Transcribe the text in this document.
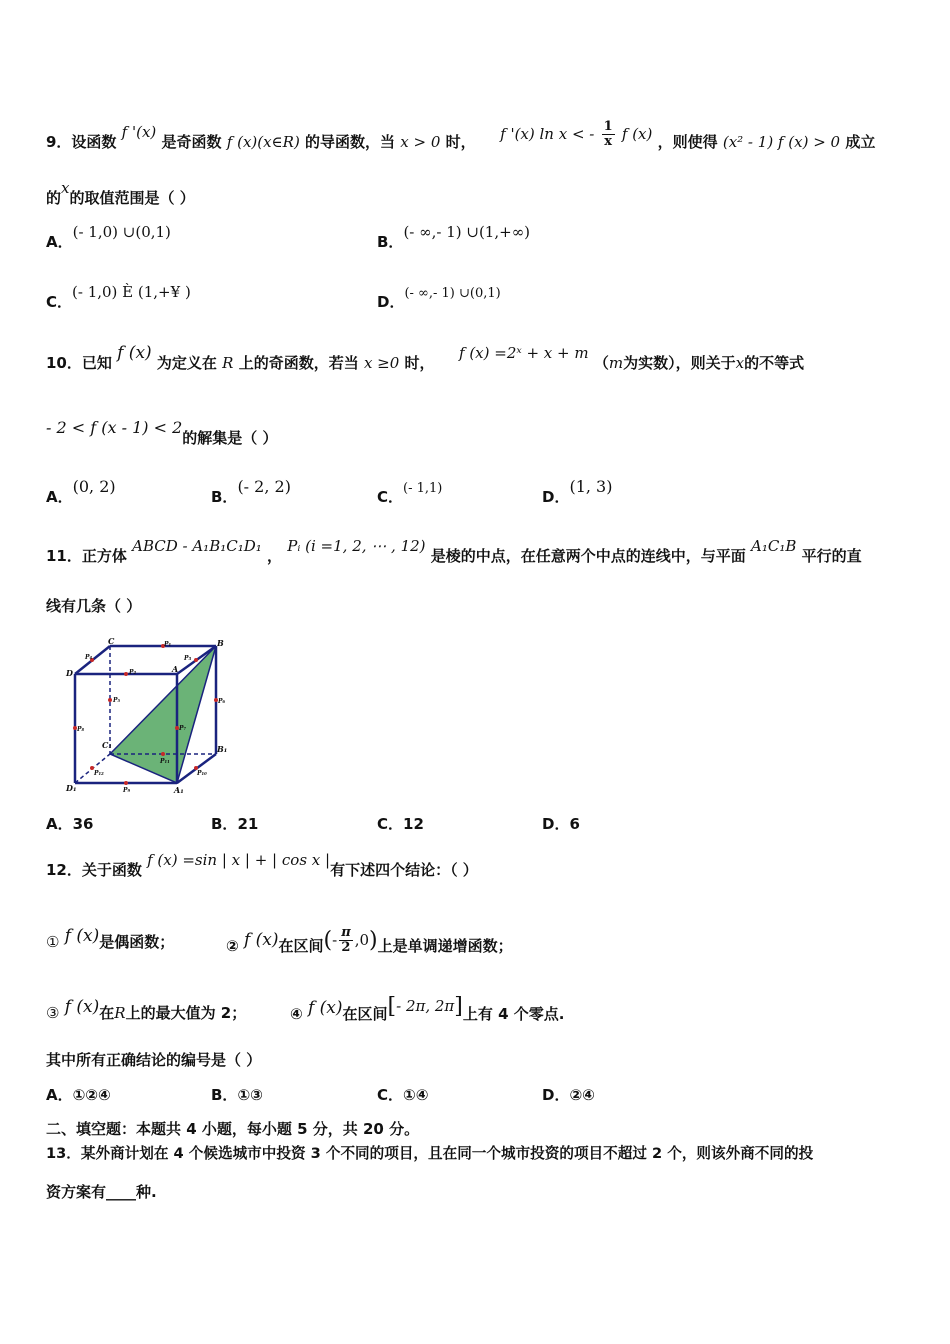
9．设函数 f '(x) 是奇函数 f (x)(x∈R) 的导函数，当 x > 0 时， f '(x) ln x < - $\frac{1}{x}$ f (x) ，则使得 (x² - 1) f (x) > 0 成立
的x的取值范围是（ ）
A．(- 1,0) ∪(0,1)
B．(- ∞,- 1) ∪(1,+∞)
C．(- 1,0) È (1,+¥ )
D．(- ∞,- 1) ∪(0,1)
10．已知 f (x) 为定义在 R 上的奇函数，若当 x ≥0 时，  f (x) =2ˣ + x + m （m为实数），则关于x的不等式
- 2 < f (x - 1) < 2的解集是（ ）
A．(0, 2)
B．(- 2, 2)
C．(- 1,1)	D．(1, 3)
11．正方体 ABCD - A₁B₁C₁D₁ ， Pᵢ (i =1, 2, ⋯ , 12) 是棱的中点，在任意两个中点的连线中，与平面 A₁C₁B 平行的直
线有几条（ ）
C	B
D	A
C₁	B₁
D₁	A₁
P₁
P₂
P₃
P₄
P₅	P₆
P₇
P₈
P₉
P₁₀
P₁₁
P₁₂
A．36	B．21	C．12	D．6
12．关于函数 f (x) =sin | x | + | cos x |有下述四个结论：（ ）
① f (x)是偶函数；	② f (x)在区间(- $\frac{\pi}{2} ,0$)上是单调递增函数；
③ f (x)在R上的最大值为 2；	④ f (x)在区间[- 2π, 2π]上有 4 个零点.
其中所有正确结论的编号是（ ）
A．①②④	B．①③	C．①④	D．②④
二、填空题：本题共 4 小题，每小题 5 分，共 20 分。
13．某外商计划在 4 个候选城市中投资 3 个不同的项目，且在同一个城市投资的项目不超过 2 个，则该外商不同的投
资方案有____种.
